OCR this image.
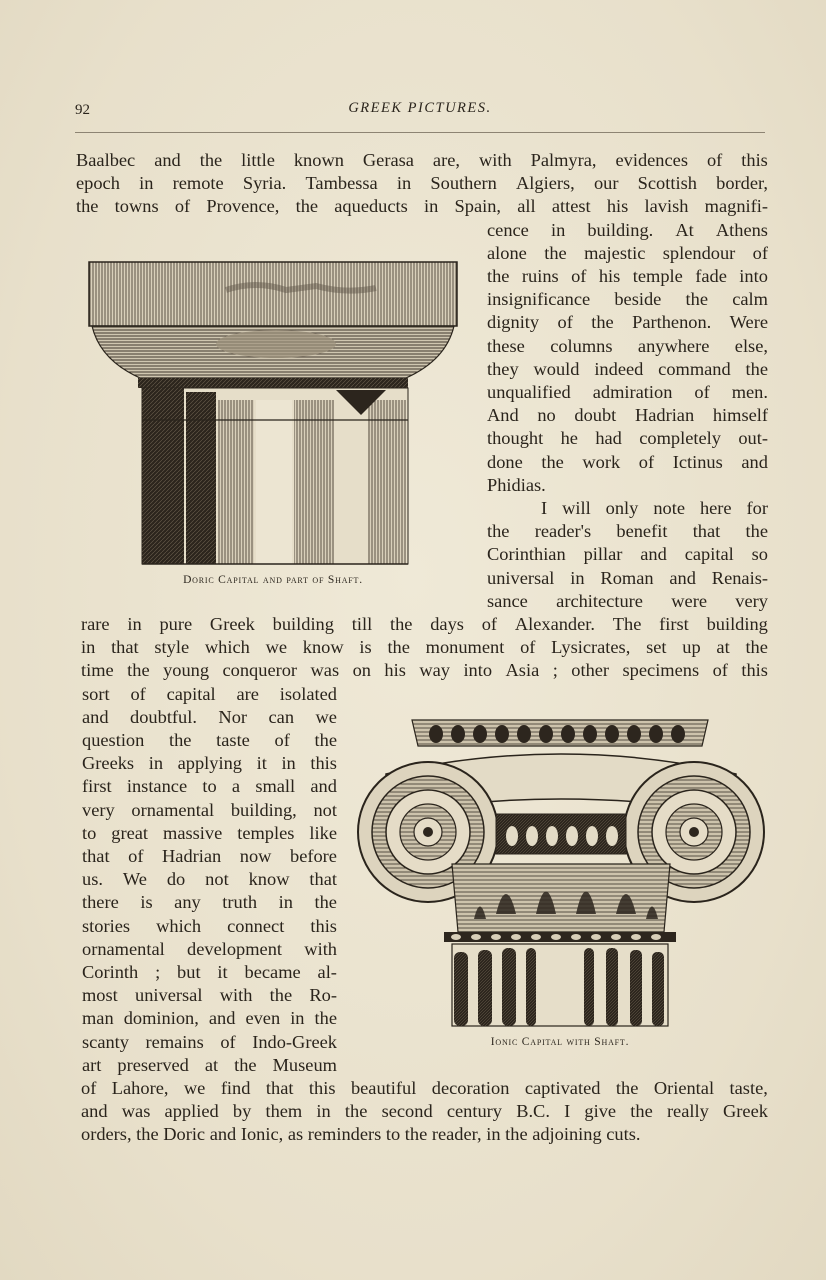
92	GREEK PICTURES.
Baalbec and the little known Gerasa are, with Palmyra, evidences of this
epoch in remote Syria. Tambessa in Southern Algiers, our Scottish border,
the towns of Provence, the aqueducts in Spain, all attest his lavish magnifi-
cence in building. At Athens
alone the majestic splendour of
the ruins of his temple fade into
insignificance beside the calm
dignity of the Parthenon. Were
these columns anywhere else,
they would indeed command the
unqualified admiration of men.
And no doubt Hadrian himself
thought he had completely out-
done the work of Ictinus and
Phidias.
I will only note here for
the reader's benefit that the
Corinthian pillar and capital so
universal in Roman and Renais-
sance architecture were very
rare in pure Greek building till the days of Alexander. The first building
in that style which we know is the monument of Lysicrates, set up at the
time the young conqueror was on his way into Asia ; other specimens of this
sort of capital are isolated
and doubtful. Nor can we
question the taste of the
Greeks in applying it in this
first instance to a small and
very ornamental building, not
to great massive temples like
that of Hadrian now before
us. We do not know that
there is any truth in the
stories which connect this
ornamental development with
Corinth ; but it became al-
most universal with the Ro-
man dominion, and even in the
scanty remains of Indo-Greek
art preserved at the Museum
of Lahore, we find that this beautiful decoration captivated the Oriental taste,
and was applied by them in the second century B.C. I give the really Greek
orders, the Doric and Ionic, as reminders to the reader, in the adjoining cuts.
Doric Capital and part of Shaft.
Ionic Capital with Shaft.
